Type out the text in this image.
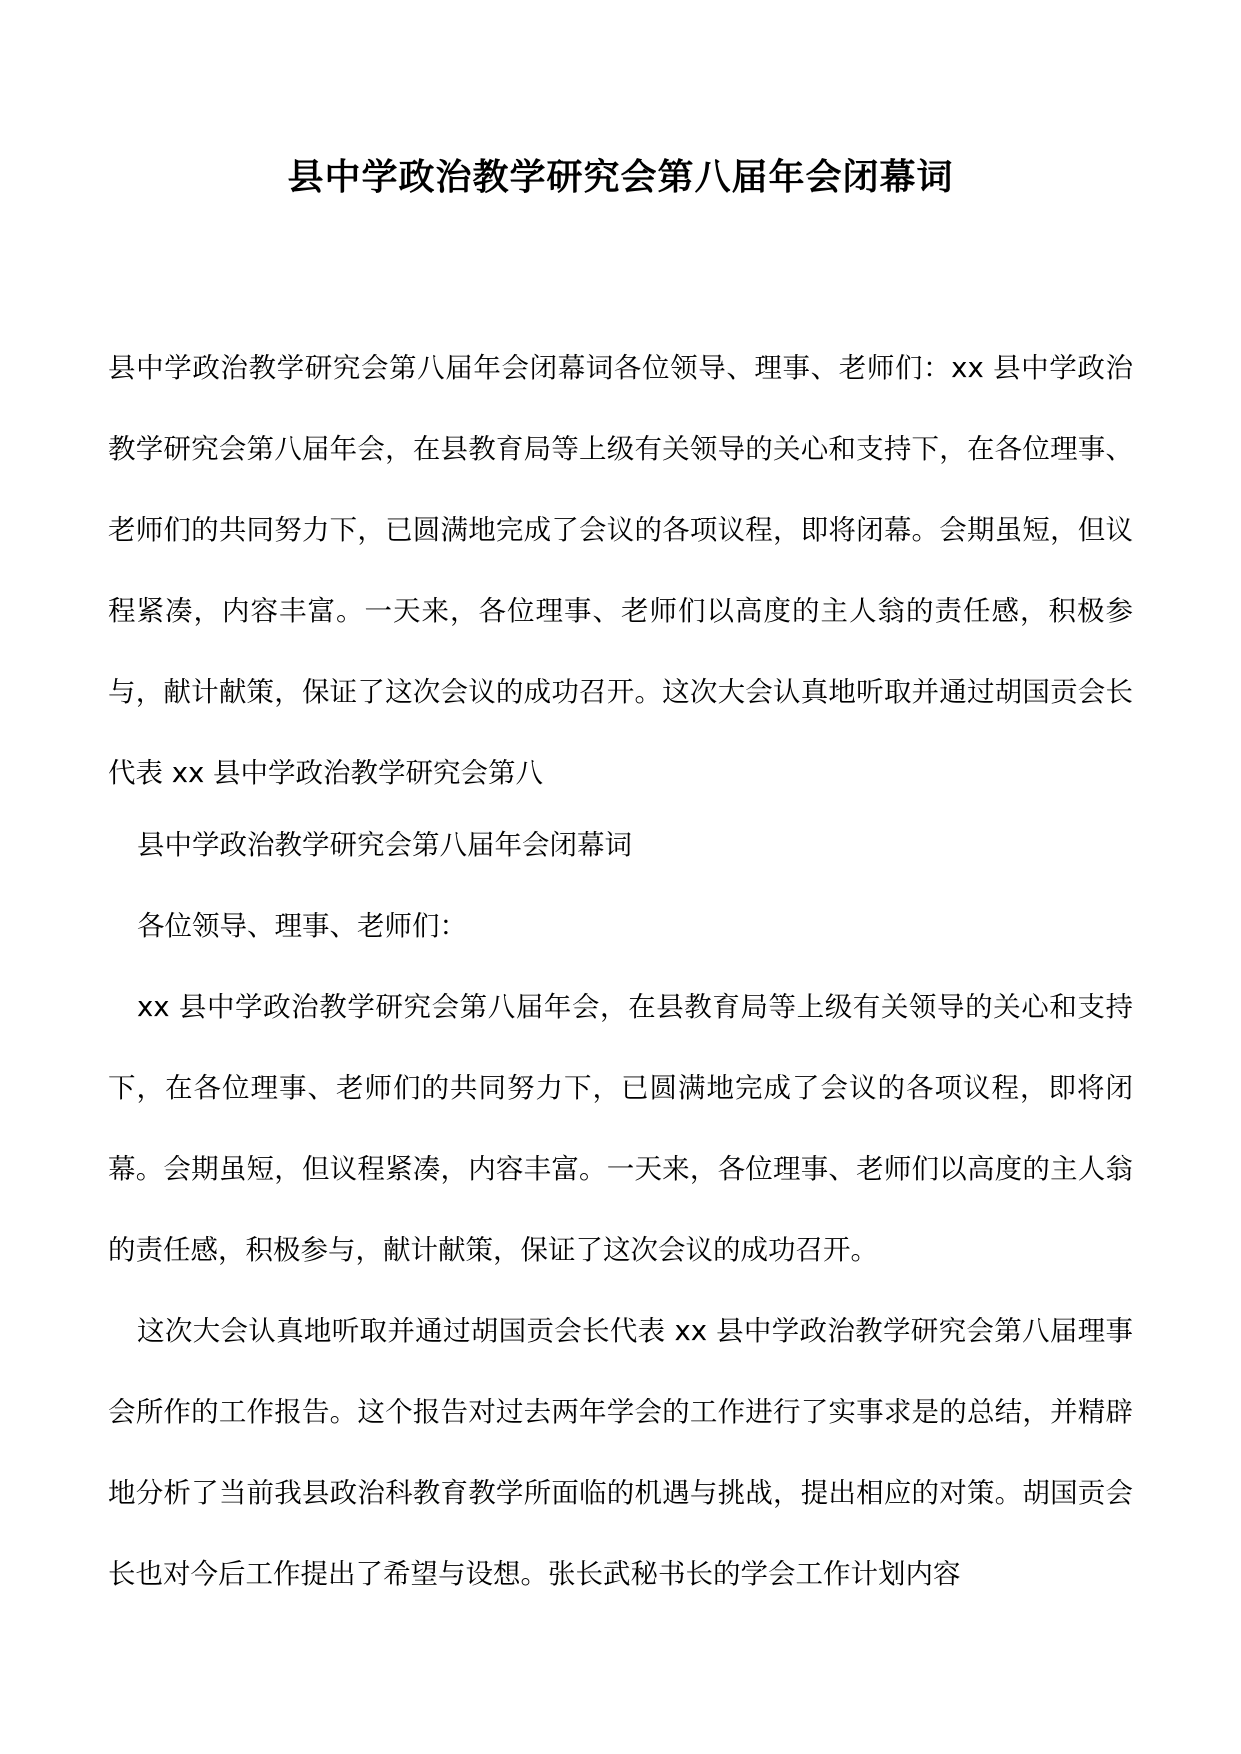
县中学政治教学研究会第八届年会闭幕词

县中学政治教学研究会第八届年会闭幕词各位领导、理事、老师们：xx 县中学政治教学研究会第八届年会，在县教育局等上级有关领导的关心和支持下，在各位理事、老师们的共同努力下，已圆满地完成了会议的各项议程，即将闭幕。会期虽短，但议程紧凑，内容丰富。一天来，各位理事、老师们以高度的主人翁的责任感，积极参与，献计献策，保证了这次会议的成功召开。这次大会认真地听取并通过胡国贡会长代表 xx 县中学政治教学研究会第八

县中学政治教学研究会第八届年会闭幕词

各位领导、理事、老师们：

xx 县中学政治教学研究会第八届年会，在县教育局等上级有关领导的关心和支持下，在各位理事、老师们的共同努力下，已圆满地完成了会议的各项议程，即将闭幕。会期虽短，但议程紧凑，内容丰富。一天来，各位理事、老师们以高度的主人翁的责任感，积极参与，献计献策，保证了这次会议的成功召开。

这次大会认真地听取并通过胡国贡会长代表 xx 县中学政治教学研究会第八届理事会所作的工作报告。这个报告对过去两年学会的工作进行了实事求是的总结，并精辟地分析了当前我县政治科教育教学所面临的机遇与挑战，提出相应的对策。胡国贡会长也对今后工作提出了希望与设想。张长武秘书长的学会工作计划内容
